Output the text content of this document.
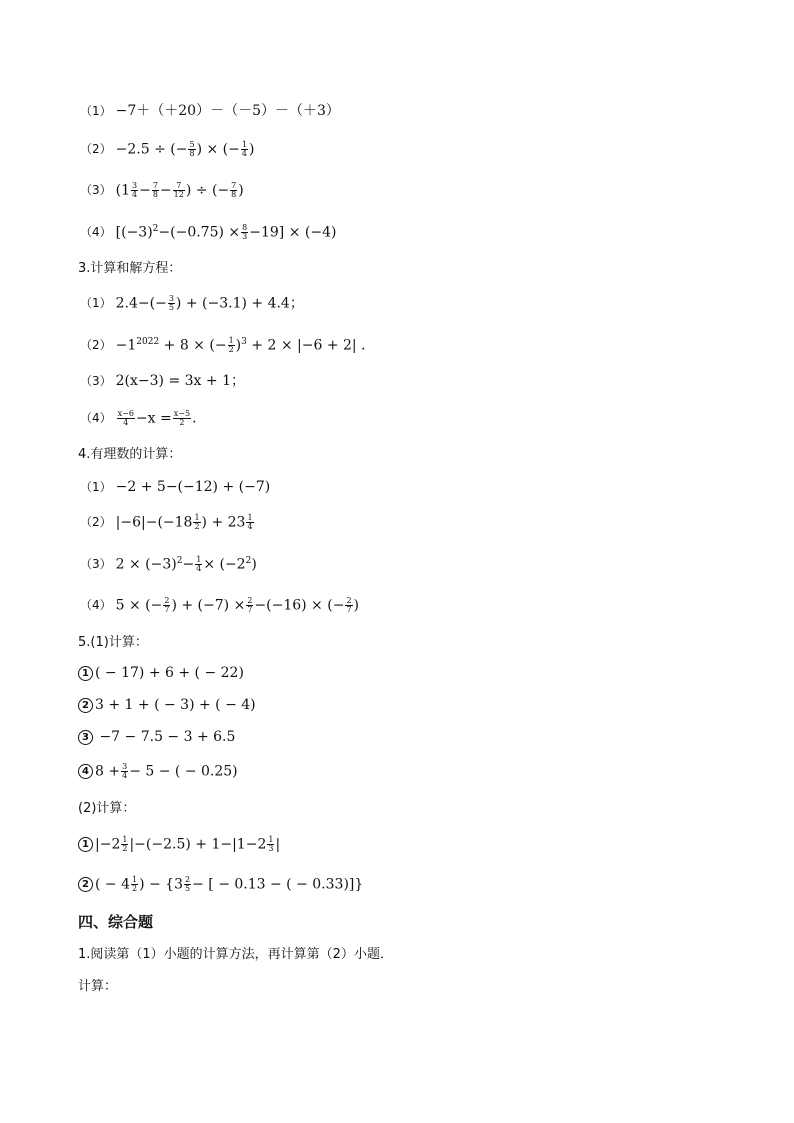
（1） −7＋（＋20）－（－5）－（＋3）
（2） −2.5 ÷ (− $\frac{5}{8}$ ) × (− $\frac{1}{4}$ )
（3） ($1 \frac{3}{4} - \frac{7}{8} - \frac{7}{12}$ ) ÷ (− $\frac{7}{8}$ )
（4） $[(-3)^2-(-0.75) \times \frac{8}{3} -19] \times (-4)$
3.计算和解方程：
（1） $2.4-(- \frac{3}{5}$ ) + (−3.1) + 4.4；
$(2) -1^{2022} + 8$ × (− $\frac{1}{2} )^3 + 2 \times |-6 + 2|$ ．
（3） 2(x−3) = 3x + 1；
$(4) \frac{x-6}{4} -x = \frac{x-5}{2}$ ．
4.有理数的计算：
（1） −2 + 5−(−12) + (−7)
（2） $|-6|-(-18 \frac{1}{2}$ ) + $23 \frac{1}{4}$
（3） $2 \times (-3)^2- \frac{1}{4} \times (-2^2)$
（4） 5 × (− $\frac{2}{7}$ ) + $(-7) \times \frac{2}{7} -(-16)$ × (− $\frac{2}{7}$ )
5.(1)计算：
1 ( − 17) + 6 + ( − 22)
2 3 + 1 + ( − 3) + ( − 4)
3 −7 − 7.5 − 3 + 6.5
4 $8 + \frac{3}{4} - 5$ − ( − 0.25)
(2)计算：
1 $|-2 \frac{1}{2} |-(-2.5) + 1-|1-2 \frac{1}{3}$ |
2 ( − $4 \frac{1}{2}$ ) − {$3 \frac{2}{5}$ − [ − 0.13 − ( − 0.33)]}
四、综合题
1.阅读第（1）小题的计算方法，再计算第（2）小题．
计算：
